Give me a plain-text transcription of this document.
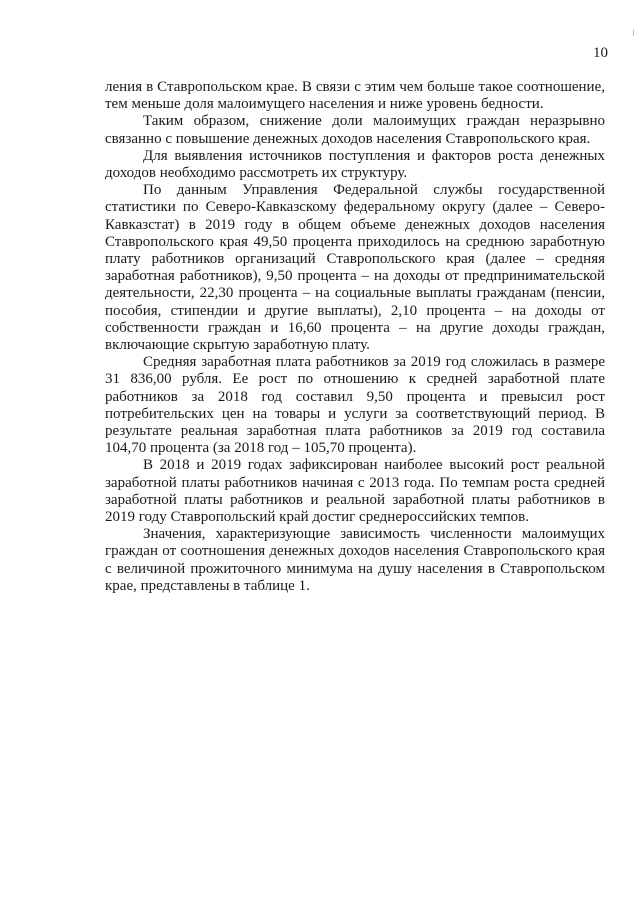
10

ления в Ставропольском крае. В связи с этим чем больше такое соотношение, тем меньше доля малоимущего населения и ниже уровень бедности.

Таким образом, снижение доли малоимущих граждан неразрывно связанно с повышение денежных доходов населения Ставропольского края.

Для выявления источников поступления и факторов роста денежных доходов необходимо рассмотреть их структуру.

По данным Управления Федеральной службы государственной статистики по Северо-Кавказскому федеральному округу (далее – Северо-Кавказстат) в 2019 году в общем объеме денежных доходов населения Ставропольского края 49,50 процента приходилось на среднюю заработную плату работников организаций Ставропольского края (далее – средняя заработная работников), 9,50 процента – на доходы от предпринимательской деятельности, 22,30 процента – на социальные выплаты гражданам (пенсии, пособия, стипендии и другие выплаты), 2,10 процента – на доходы от собственности граждан и 16,60 процента – на другие доходы граждан, включающие скрытую заработную плату.

Средняя заработная плата работников за 2019 год сложилась в размере 31 836,00 рубля. Ее рост по отношению к средней заработной плате работников за 2018 год составил 9,50 процента и превысил рост потребительских цен на товары и услуги за соответствующий период. В результате реальная заработная плата работников за 2019 год составила 104,70 процента (за 2018 год – 105,70 процента).

В 2018 и 2019 годах зафиксирован наиболее высокий рост реальной заработной платы работников начиная с 2013 года. По темпам роста средней заработной платы работников и реальной заработной платы работников в 2019 году Ставропольский край достиг среднероссийских темпов.

Значения, характеризующие зависимость численности малоимущих граждан от соотношения денежных доходов населения Ставропольского края с величиной прожиточного минимума на душу населения в Ставропольском крае, представлены в таблице 1.
